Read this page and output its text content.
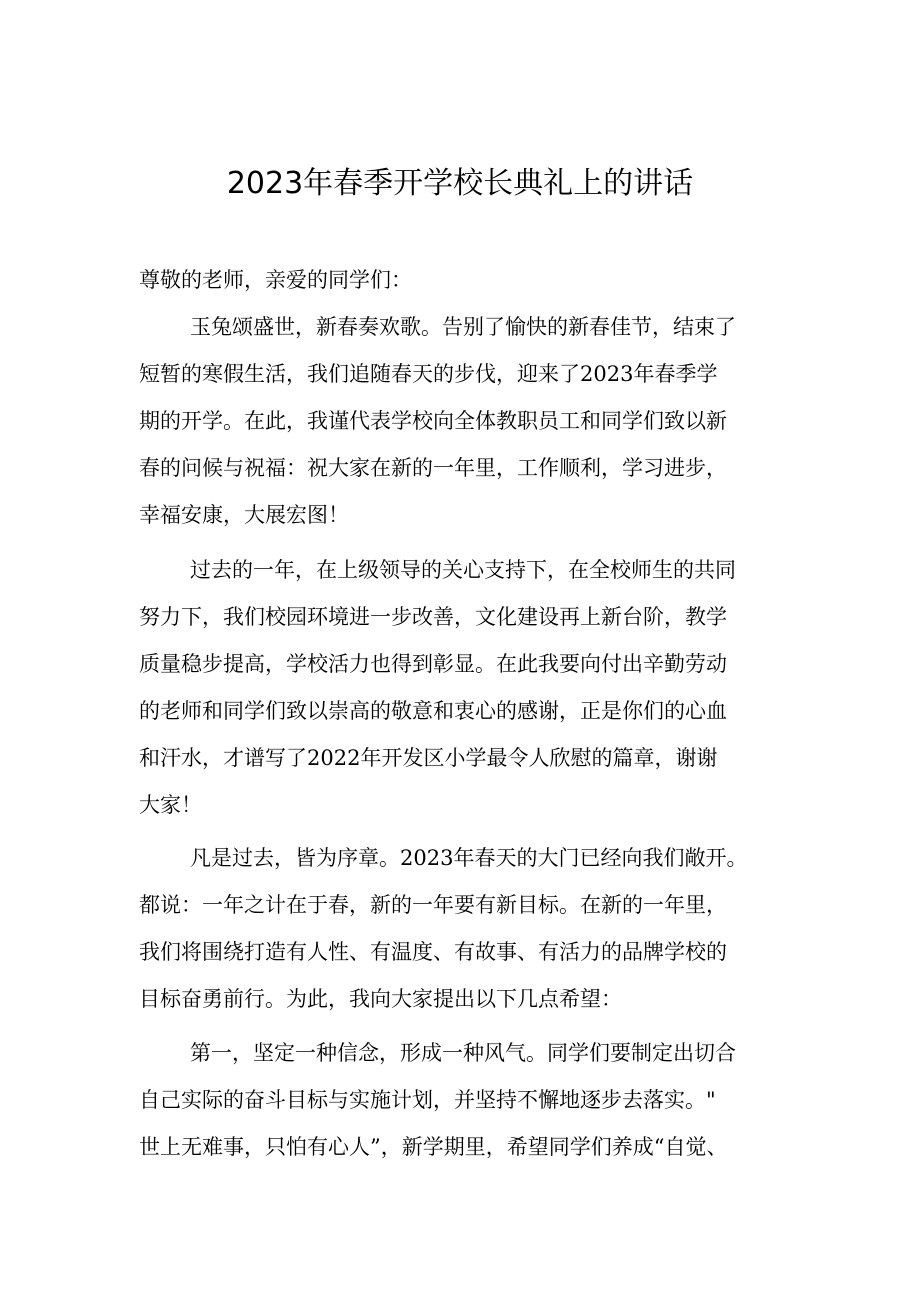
2023年春季开学校长典礼上的讲话

尊敬的老师，亲爱的同学们：

玉兔颂盛世，新春奏欢歌。告别了愉快的新春佳节，结束了

短暂的寒假生活，我们追随春天的步伐，迎来了2023年春季学

期的开学。在此，我谨代表学校向全体教职员工和同学们致以新

春的问候与祝福：祝大家在新的一年里，工作顺利，学习进步，

幸福安康，大展宏图！

过去的一年，在上级领导的关心支持下，在全校师生的共同

努力下，我们校园环境进一步改善，文化建设再上新台阶，教学

质量稳步提高，学校活力也得到彰显。在此我要向付出辛勤劳动

的老师和同学们致以崇高的敬意和衷心的感谢，正是你们的心血

和汗水，才谱写了2022年开发区小学最令人欣慰的篇章，谢谢

大家！

凡是过去，皆为序章。2023年春天的大门已经向我们敞开。

都说：一年之计在于春，新的一年要有新目标。在新的一年里，

我们将围绕打造有人性、有温度、有故事、有活力的品牌学校的

目标奋勇前行。为此，我向大家提出以下几点希望：

第一，坚定一种信念，形成一种风气。同学们要制定出切合

自己实际的奋斗目标与实施计划，并坚持不懈地逐步去落实。"

世上无难事，只怕有心人”，新学期里，希望同学们养成“自觉、
